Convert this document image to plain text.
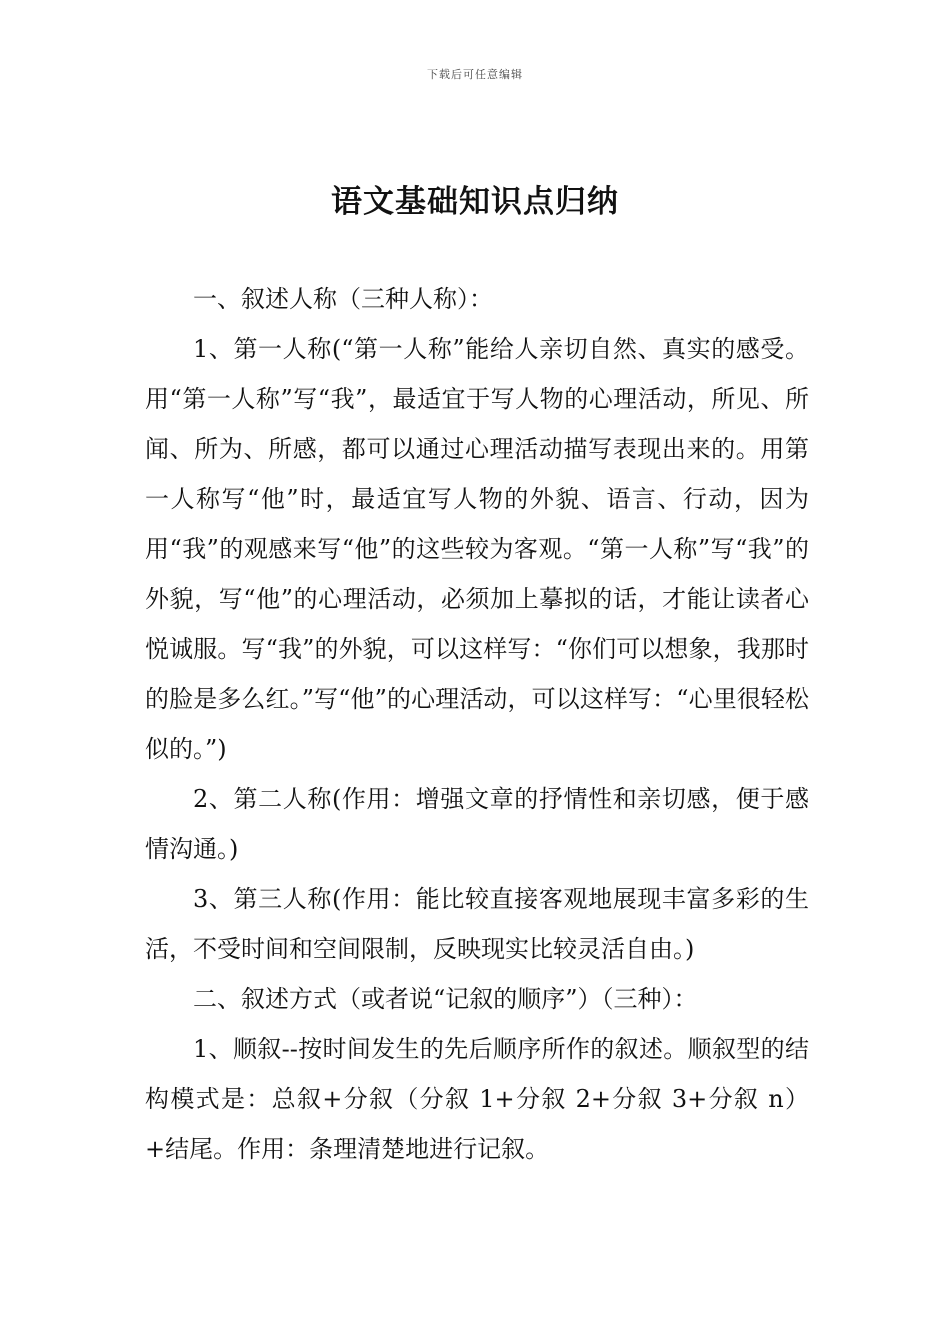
下载后可任意编辑
语文基础知识点归纳

一、叙述人称（三种人称）：

1、第一人称(“第一人称”能给人亲切自然、真实的感受。用“第一人称”写“我”，最适宜于写人物的心理活动，所见、所闻、所为、所感，都可以通过心理活动描写表现出来的。用第一人称写“他”时，最适宜写人物的外貌、语言、行动，因为用“我”的观感来写“他”的这些较为客观。“第一人称”写“我”的外貌，写“他”的心理活动，必须加上摹拟的话，才能让读者心悦诚服。写“我”的外貌，可以这样写：“你们可以想象，我那时的脸是多么红。”写“他”的心理活动，可以这样写：“心里很轻松似的。”)

2、第二人称(作用：增强文章的抒情性和亲切感，便于感情沟通。)

3、第三人称(作用：能比较直接客观地展现丰富多彩的生活，不受时间和空间限制，反映现实比较灵活自由。)

二、叙述方式（或者说“记叙的顺序”）（三种）：

1、顺叙--按时间发生的先后顺序所作的叙述。顺叙型的结构模式是：总叙+分叙（分叙 1+分叙 2+分叙 3+分叙 n）+结尾。作用：条理清楚地进行记叙。
